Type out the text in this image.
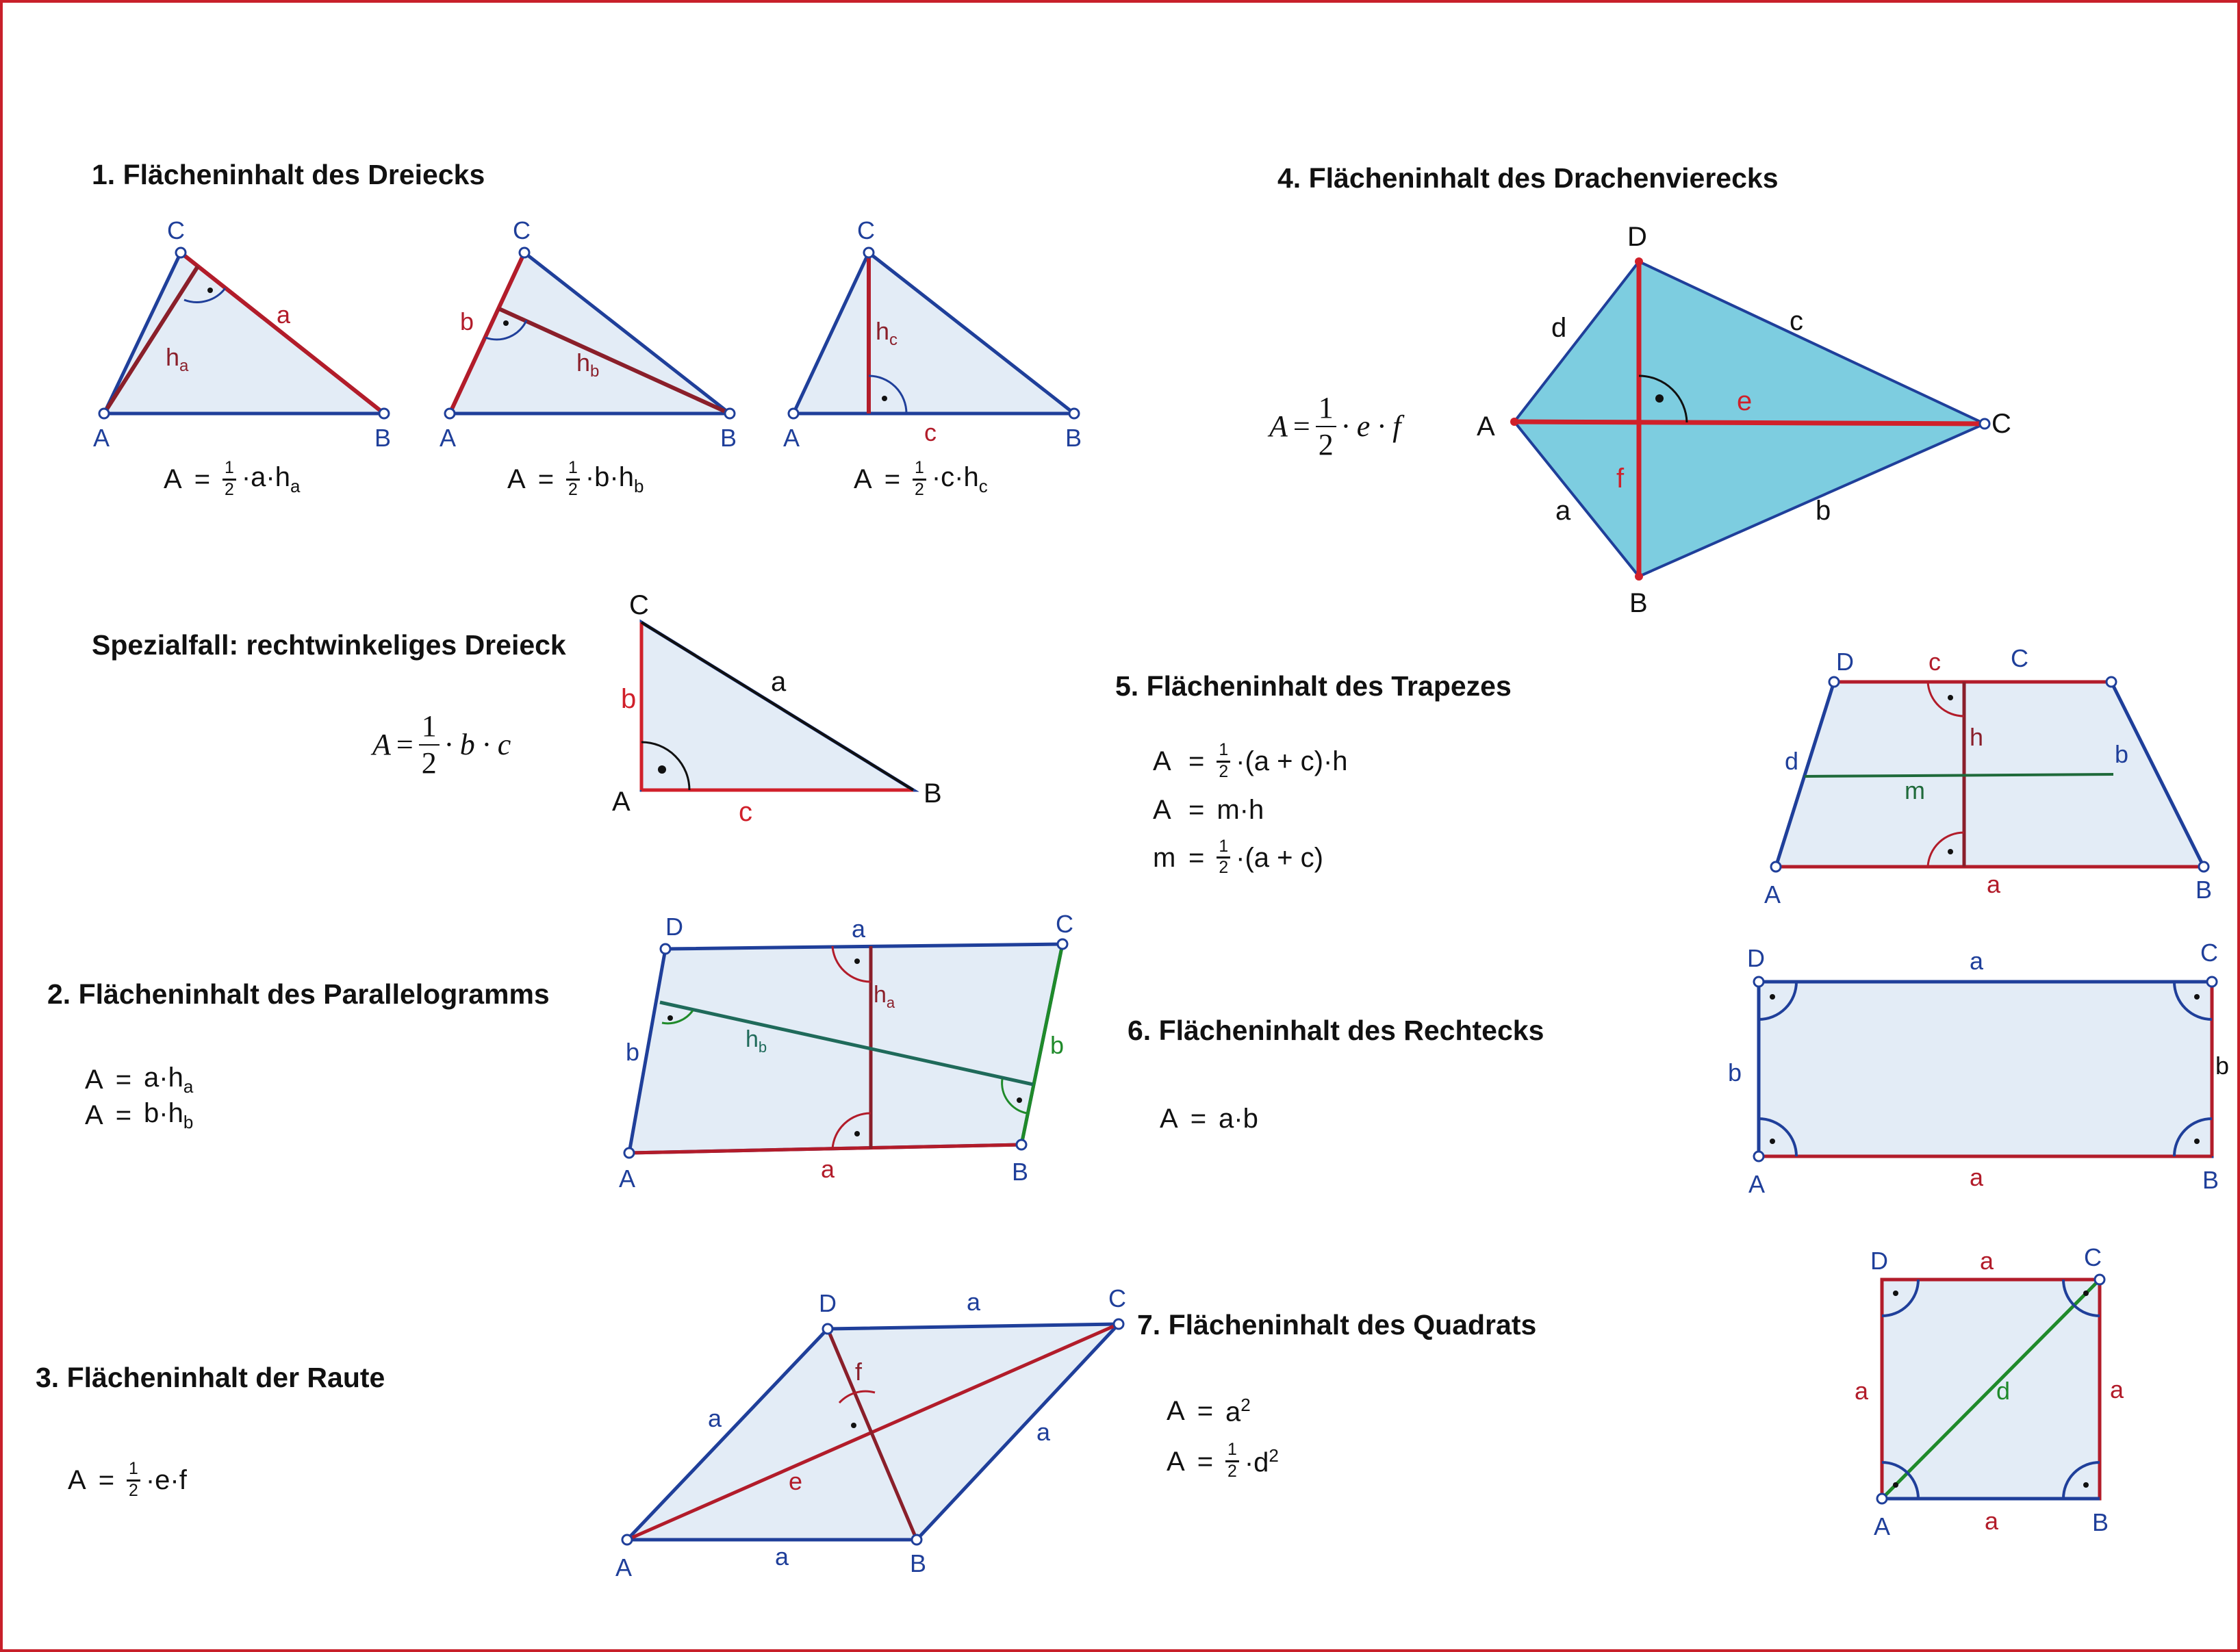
A	B
C
a
$h_a$
A	B
C
b
$h_b$
A	B
C
c
$h_c$
A	B
C
a
b
c
A	B
C
D	a
a
b	b
$h_a$
$h_b$
A	B
C
D	a
a	a
a
e
f
A
B
C
D
a	b
c
d
e
f
A	B
C
D
a
b
c
d
h
m
A	B
C
D	a
a
b	b
A	B
C
D	a
a
a	a
d
1. Flächeninhalt des Dreiecks
Spezialfall: rechtwinkeliges Dreieck
2. Flächeninhalt des Parallelogramms
3. Flächeninhalt der Raute
4. Flächeninhalt des Drachenvierecks
5. Flächeninhalt des Trapezes
6. Flächeninhalt des Rechtecks
7. Flächeninhalt des Quadrats
$A = \frac{1}{2} \cdot a\cdot h_a$	$A = \frac{1}{2} \cdot b\cdot h_b$	$A = \frac{1}{2} \cdot c\cdot h_c$
$A = \frac{1}{2} \cdot b \cdot c$
$A = a\cdot h_a$
$A = b\cdot h_b$
$A = \frac{1}{2} \cdot e\cdot f$
$A = \frac{1}{2} \cdot e \cdot f$
$A = \frac{1}{2} \cdot(a + c)\cdot h$
A = m·h
$m = \frac{1}{2} \cdot(a + c)$
A = a·b
$A = a^2$
$A = \frac{1}{2} \cdot d^2$
